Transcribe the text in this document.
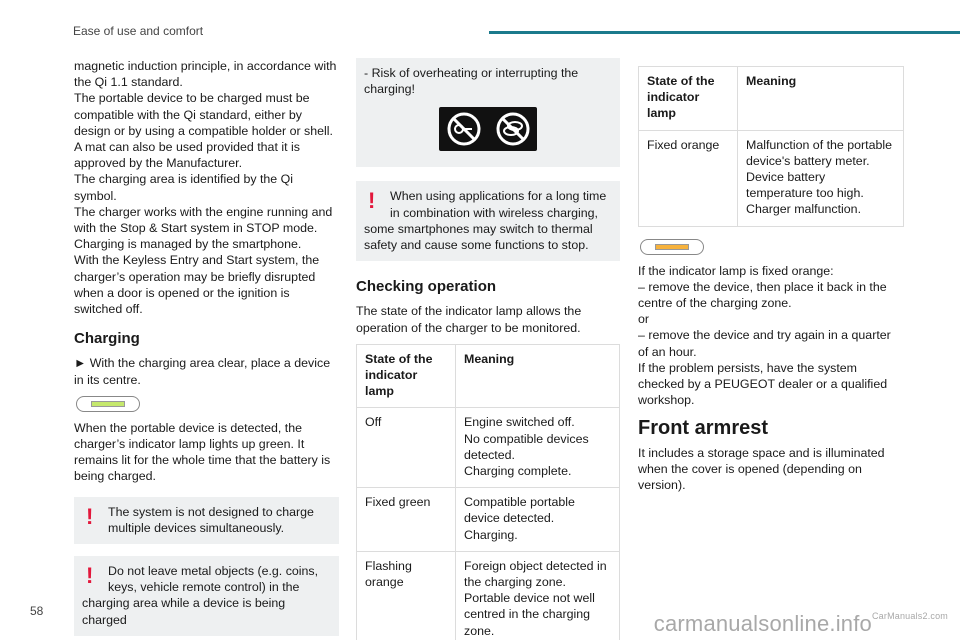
Ease of use and comfort

magnetic induction principle, in accordance with the Qi 1.1 standard.

The portable device to be charged must be compatible with the Qi standard, either by design or by using a compatible holder or shell.

A mat can also be used provided that it is approved by the Manufacturer.

The charging area is identified by the Qi symbol.

The charger works with the engine running and with the Stop & Start system in STOP mode.

Charging is managed by the smartphone.

With the Keyless Entry and Start system, the charger’s operation may be briefly disrupted when a door is opened or the ignition is switched off.

Charging

► With the charging area clear, place a device in its centre.

When the portable device is detected, the charger’s indicator lamp lights up green. It remains lit for the whole time that the battery is being charged.

!	The system is not designed to charge multiple devices simultaneously.
!	Do not leave metal objects (e.g. coins, keys, vehicle remote control) in the
charging area while a device is being charged
- Risk of overheating or interrupting the charging!
!	When using applications for a long time in combination with wireless charging,
some smartphones may switch to thermal safety and cause some functions to stop.
Checking operation

The state of the indicator lamp allows the operation of the charger to be monitored.

State of the indicator lamp	Meaning
Off	Engine switched off.
No compatible devices detected.
Charging complete.

Fixed green	Compatible portable device detected.
Charging.

Flashing orange	Foreign object detected in the charging zone.
Portable device not well centred in the charging zone.
State of the indicator lamp	Meaning
Fixed orange	Malfunction of the portable device's battery meter.
Device battery temperature too high.
Charger malfunction.

If the indicator lamp is fixed orange:

– remove the device, then place it back in the centre of the charging zone.

or

– remove the device and try again in a quarter of an hour.

If the problem persists, have the system checked by a PEUGEOT dealer or a qualified workshop.

Front armrest

It includes a storage space and is illuminated when the cover is opened (depending on version).

58	carmanualsonline.info$^{CarManuals2.com}$
